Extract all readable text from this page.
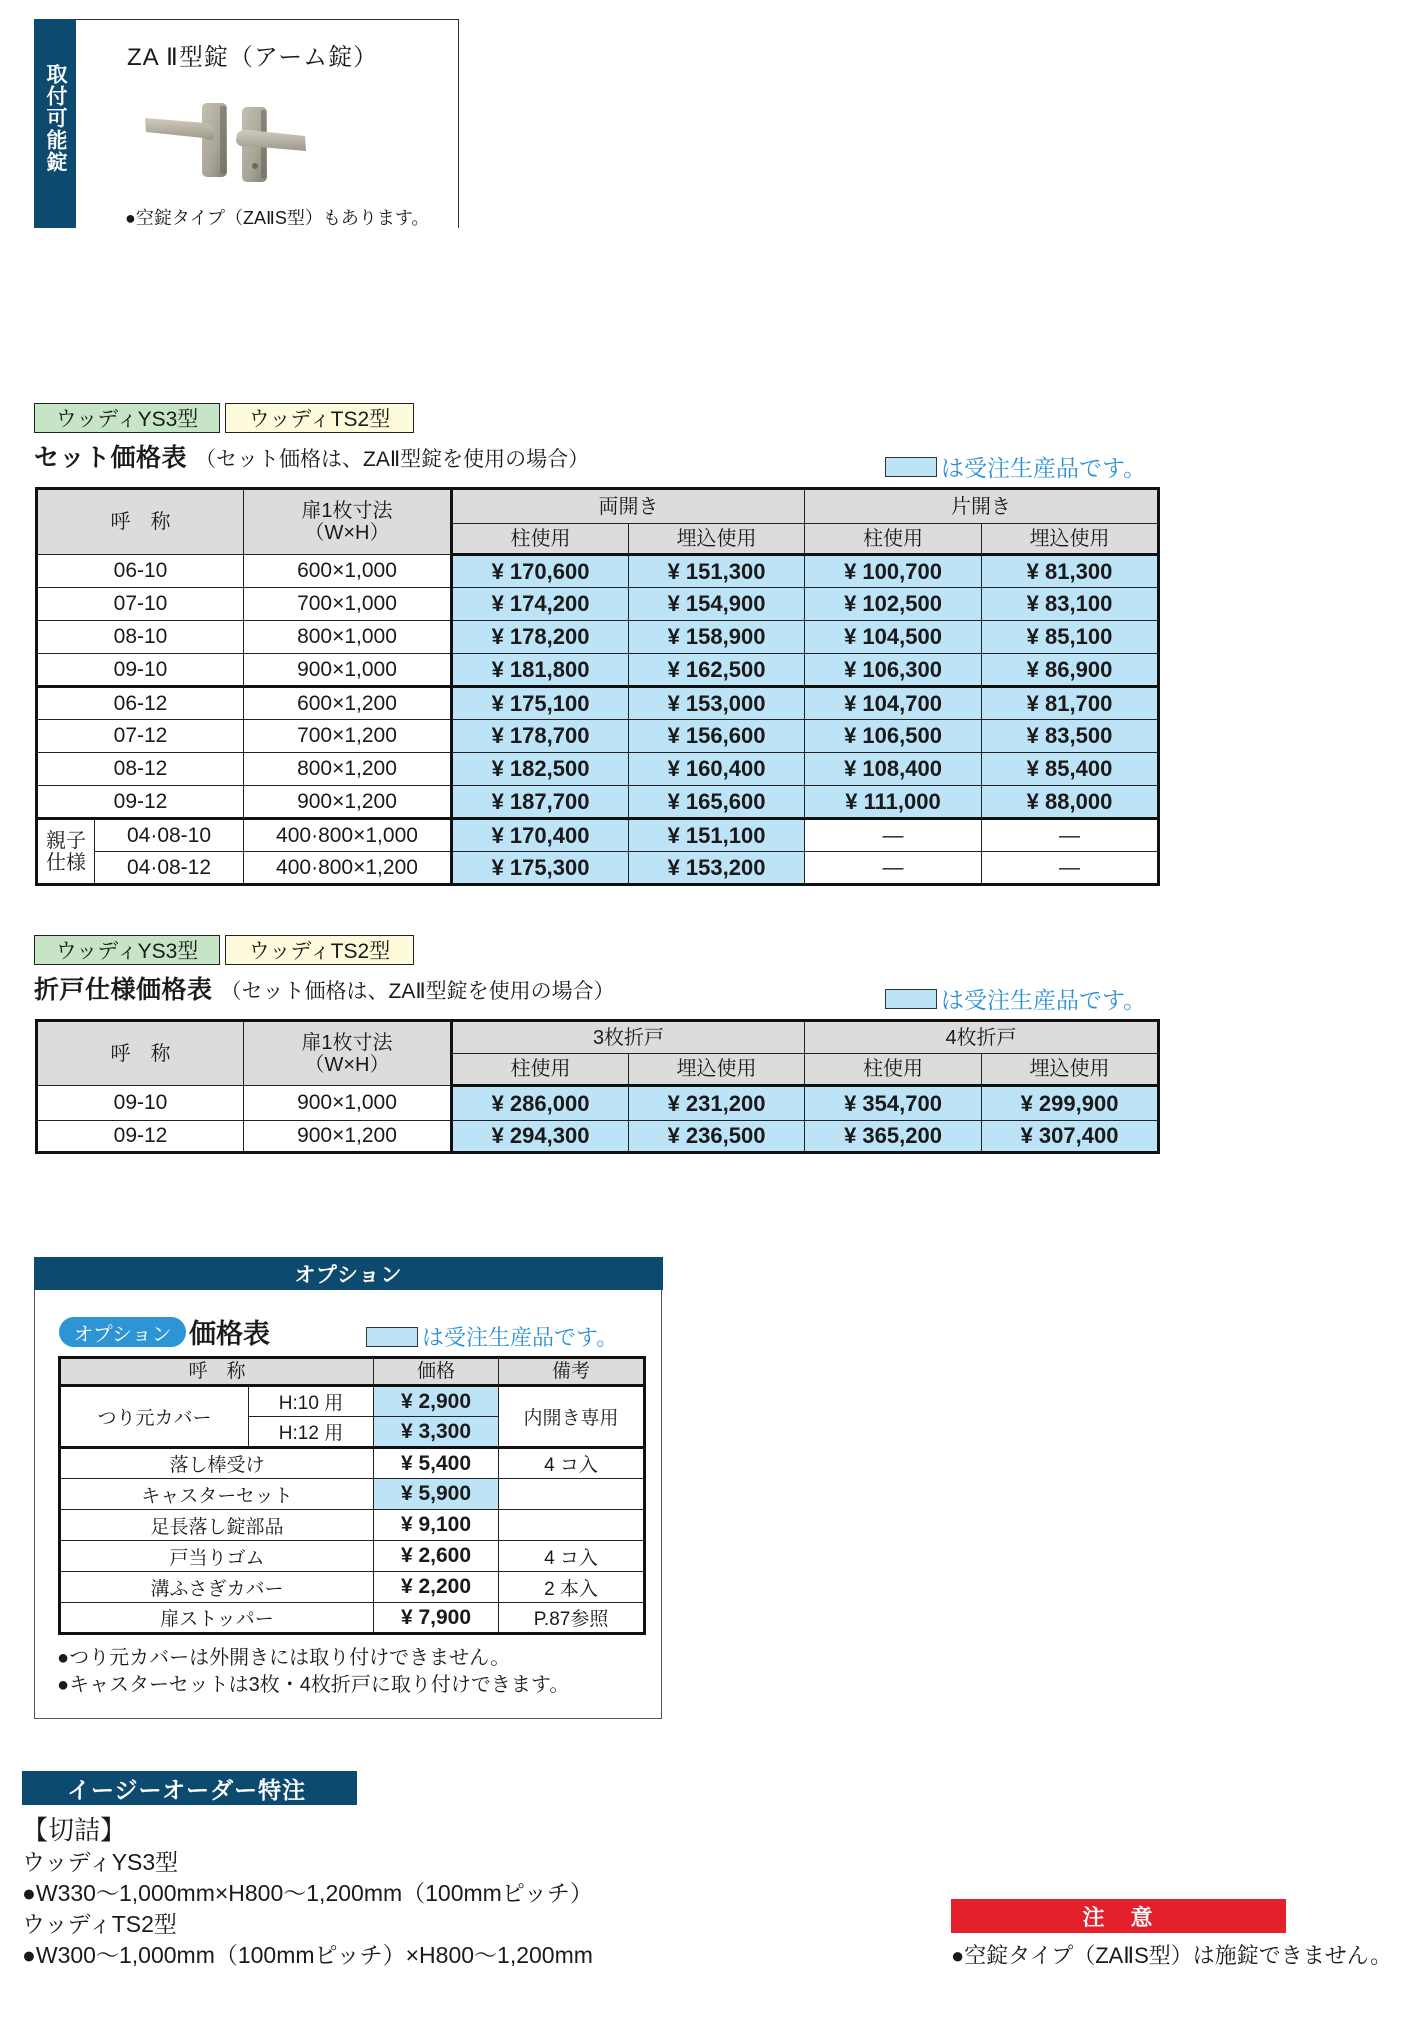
取付可能錠
ZA Ⅱ型錠（アーム錠）
●空錠タイプ（ZAⅡS型）もあります。
ウッディYS3型	ウッディTS2型
セット価格表 （セット価格は、ZAⅡ型錠を使用の場合）	は受注生産品です。
呼　称		扉1枚寸法
（W×H）	両開き		片開き	
			柱使用	埋込使用	柱使用	埋込使用
06-10		600×1,000	¥ 170,600	¥ 151,300	¥ 100,700	¥ 81,300
07-10		700×1,000	¥ 174,200	¥ 154,900	¥ 102,500	¥ 83,100
08-10		800×1,000	¥ 178,200	¥ 158,900	¥ 104,500	¥ 85,100
09-10		900×1,000	¥ 181,800	¥ 162,500	¥ 106,300	¥ 86,900
06-12		600×1,200	¥ 175,100	¥ 153,000	¥ 104,700	¥ 81,700
07-12		700×1,200	¥ 178,700	¥ 156,600	¥ 106,500	¥ 83,500
08-12		800×1,200	¥ 182,500	¥ 160,400	¥ 108,400	¥ 85,400
09-12		900×1,200	¥ 187,700	¥ 165,600	¥ 111,000	¥ 88,000

親子
仕様	04·08-10	400·800×1,000	¥ 170,400	¥ 151,100	—	—
	04·08-12	400·800×1,200	¥ 175,300	¥ 153,200	—	—
ウッディYS3型	ウッディTS2型
折戸仕様価格表 （セット価格は、ZAⅡ型錠を使用の場合）	は受注生産品です。
呼　称	扉1枚寸法
（W×H）	3枚折戸		4枚折戸	
		柱使用	埋込使用	柱使用	埋込使用
09-10	900×1,000	¥ 286,000	¥ 231,200	¥ 354,700	¥ 299,900
09-12	900×1,200	¥ 294,300	¥ 236,500	¥ 365,200	¥ 307,400
オプション
オプション 価格表	は受注生産品です。
呼　称		価格	備考
つり元カバー	H:10 用	¥ 2,900	内開き専用
	H:12 用	¥ 3,300	
落し棒受け		¥ 5,400	4 コ入
キャスターセット		¥ 5,900	
足長落し錠部品		¥ 9,100	
戸当りゴム		¥ 2,600	4 コ入
溝ふさぎカバー		¥ 2,200	2 本入
扉ストッパー		¥ 7,900	P.87参照
●つり元カバーは外開きには取り付けできません。
●キャスターセットは3枚・4枚折戸に取り付けできます。
イージーオーダー特注
【切詰】
ウッディYS3型
●W330〜1,000mm×H800〜1,200mm（100mmピッチ）
ウッディTS2型
●W300〜1,000mm（100mmピッチ）×H800〜1,200mm
注　意
●空錠タイプ（ZAⅡS型）は施錠できません。
